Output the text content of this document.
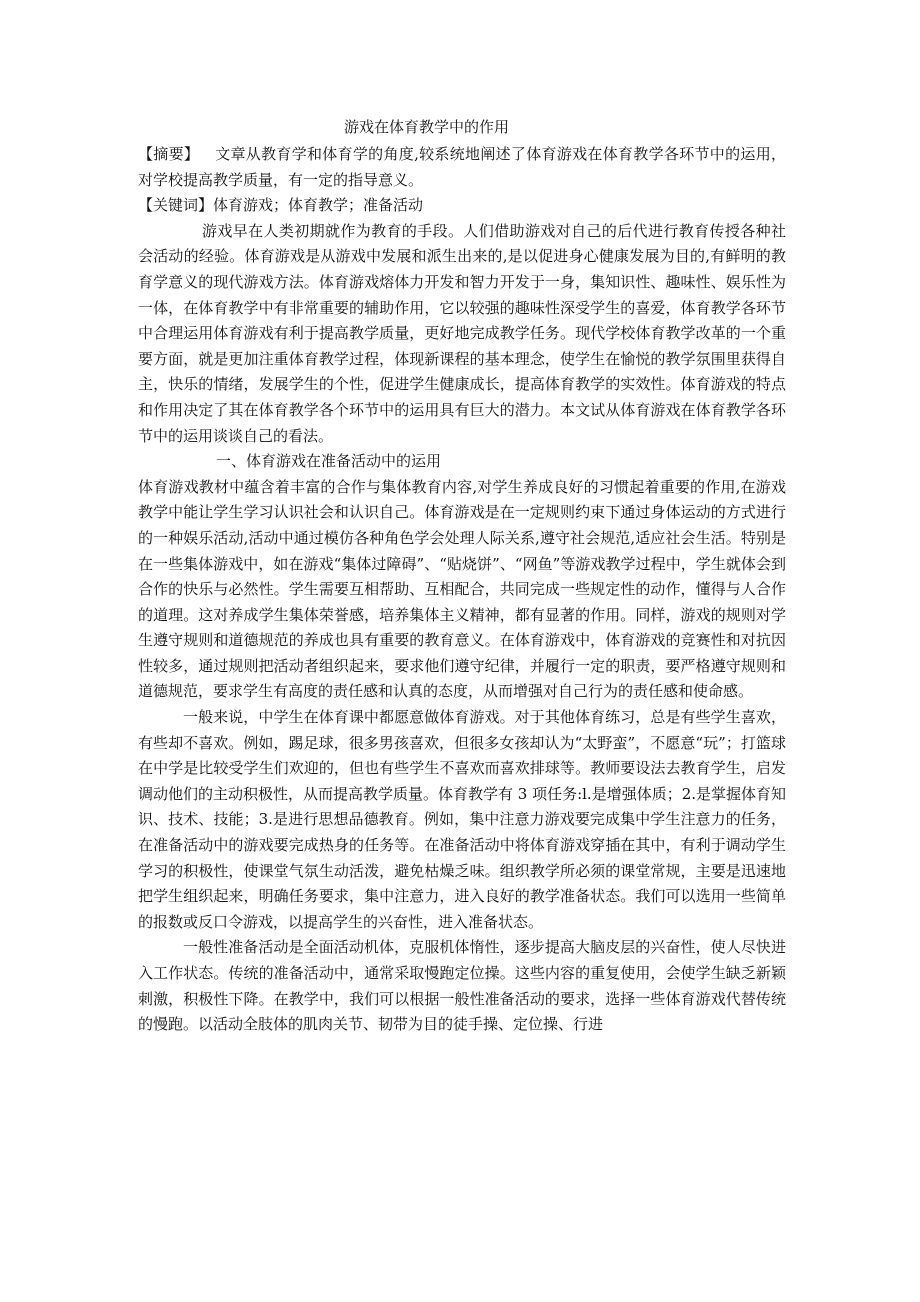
游戏在体育教学中的作用

【摘要】 文章从教育学和体育学的角度,较系统地阐述了体育游戏在体育教学各环节中的运用，对学校提高教学质量，有一定的指导意义。

【关键词】体育游戏；体育教学；准备活动

游戏早在人类初期就作为教育的手段。人们借助游戏对自己的后代进行教育传授各种社会活动的经验。体育游戏是从游戏中发展和派生出来的,是以促进身心健康发展为目的,有鲜明的教育学意义的现代游戏方法。体育游戏熔体力开发和智力开发于一身，集知识性、趣味性、娱乐性为一体，在体育教学中有非常重要的辅助作用，它以较强的趣味性深受学生的喜爱，体育教学各环节中合理运用体育游戏有利于提高教学质量，更好地完成教学任务。现代学校体育教学改革的一个重要方面，就是更加注重体育教学过程，体现新课程的基本理念，使学生在愉悦的教学氛围里获得自主，快乐的情绪，发展学生的个性，促进学生健康成长，提高体育教学的实效性。体育游戏的特点和作用决定了其在体育教学各个环节中的运用具有巨大的潜力。本文试从体育游戏在体育教学各环节中的运用谈谈自己的看法。

一、体育游戏在准备活动中的运用

体育游戏教材中蕴含着丰富的合作与集体教育内容,对学生养成良好的习惯起着重要的作用,在游戏教学中能让学生学习认识社会和认识自己。体育游戏是在一定规则约束下通过身体运动的方式进行的一种娱乐活动,活动中通过模仿各种角色学会处理人际关系,遵守社会规范,适应社会生活。特别是在一些集体游戏中，如在游戏“集体过障碍”、“贴烧饼”、“网鱼”等游戏教学过程中，学生就体会到合作的快乐与必然性。学生需要互相帮助、互相配合，共同完成一些规定性的动作，懂得与人合作的道理。这对养成学生集体荣誉感，培养集体主义精神，都有显著的作用。同样，游戏的规则对学生遵守规则和道德规范的养成也具有重要的教育意义。在体育游戏中，体育游戏的竞赛性和对抗因性较多，通过规则把活动者组织起来，要求他们遵守纪律，并履行一定的职责，要严格遵守规则和道德规范，要求学生有高度的责任感和认真的态度，从而增强对自己行为的责任感和使命感。

一般来说，中学生在体育课中都愿意做体育游戏。对于其他体育练习，总是有些学生喜欢，有些却不喜欢。例如，踢足球，很多男孩喜欢，但很多女孩却认为“太野蛮”，不愿意“玩”；打篮球在中学是比较受学生们欢迎的，但也有些学生不喜欢而喜欢排球等。教师要设法去教育学生，启发调动他们的主动积极性，从而提高教学质量。体育教学有 3 项任务:l.是增强体质；2.是掌握体育知识、技术、技能；3.是进行思想品德教育。例如，集中注意力游戏要完成集中学生注意力的任务，在准备活动中的游戏要完成热身的任务等。在准备活动中将体育游戏穿插在其中，有利于调动学生学习的积极性，使课堂气氛生动活泼，避免枯燥乏味。组织教学所必须的课堂常规，主要是迅速地把学生组织起来，明确任务要求，集中注意力，进入良好的教学准备状态。我们可以选用一些简单的报数或反口令游戏，以提高学生的兴奋性，进入准备状态。

一般性准备活动是全面活动机体，克服机体惰性，逐步提高大脑皮层的兴奋性，使人尽快进入工作状态。传统的准备活动中，通常采取慢跑定位操。这些内容的重复使用，会使学生缺乏新颖刺激，积极性下降。在教学中，我们可以根据一般性准备活动的要求，选择一些体育游戏代替传统的慢跑。以活动全肢体的肌肉关节、韧带为目的徒手操、定位操、行进
